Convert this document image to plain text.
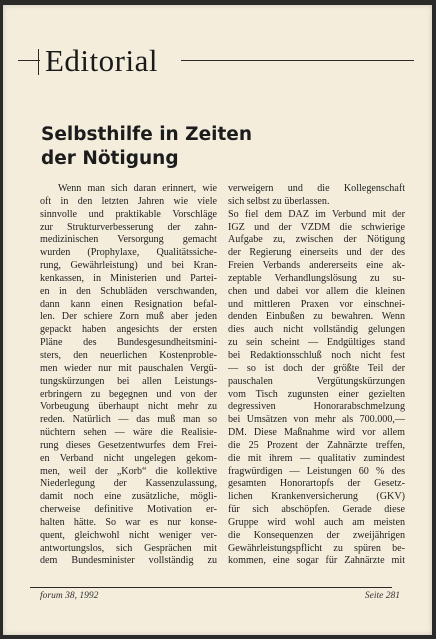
Editorial
Selbsthilfe in Zeiten
der Nötigung
Wenn man sich daran erinnert, wie
oft in den letzten Jahren wie viele
sinnvolle und praktikable Vorschläge
zur Strukturverbesserung der zahn-
medizinischen Versorgung gemacht
wurden (Prophylaxe, Qualitätssiche-
rung, Gewährleistung) und bei Kran-
kenkassen, in Ministerien und Partei-
en in den Schubläden verschwanden,
dann kann einen Resignation befal-
len. Der schiere Zorn muß aber jeden
gepackt haben angesichts der ersten
Pläne des Bundesgesundheitsmini-
sters, den neuerlichen Kostenproble-
men wieder nur mit pauschalen Vergü-
tungskürzungen bei allen Leistungs-
erbringern zu begegnen und von der
Vorbeugung überhaupt nicht mehr zu
reden. Natürlich — das muß man so
nüchtern sehen — wäre die Realisie-
rung dieses Gesetzentwurfes dem Frei-
en Verband nicht ungelegen gekom-
men, weil der „Korb“ die kollektive
Niederlegung der Kassenzulassung,
damit noch eine zusätzliche, mögli-
cherweise definitive Motivation er-
halten hätte. So war es nur konse-
quent, gleichwohl nicht weniger ver-
antwortungslos, sich Gesprächen mit
dem Bundesminister vollständig zu
verweigern und die Kollegenschaft
sich selbst zu überlassen.
So fiel dem DAZ im Verbund mit der
IGZ und der VZDM die schwierige
Aufgabe zu, zwischen der Nötigung
der Regierung einerseits und der des
Freien Verbands andererseits eine ak-
zeptable Verhandlungslösung zu su-
chen und dabei vor allem die kleinen
und mittleren Praxen vor einschnei-
denden Einbußen zu bewahren. Wenn
dies auch nicht vollständig gelungen
zu sein scheint — Endgültiges stand
bei Redaktionsschluß noch nicht fest
— so ist doch der größte Teil der
pauschalen Vergütungskürzungen
vom Tisch zugunsten einer gezielten
degressiven Honorarabschmelzung
bei Umsätzen von mehr als 700.000,—
DM. Diese Maßnahme wird vor allem
die 25 Prozent der Zahnärzte treffen,
die mit ihrem — qualitativ zumindest
fragwürdigen — Leistungen 60 % des
gesamten Honorartopfs der Gesetz-
lichen Krankenversicherung (GKV)
für sich abschöpfen. Gerade diese
Gruppe wird wohl auch am meisten
die Konsequenzen der zweijährigen
Gewährleistungspflicht zu spüren be-
kommen, eine sogar für Zahnärzte mit
forum 38, 1992	Seite 281
